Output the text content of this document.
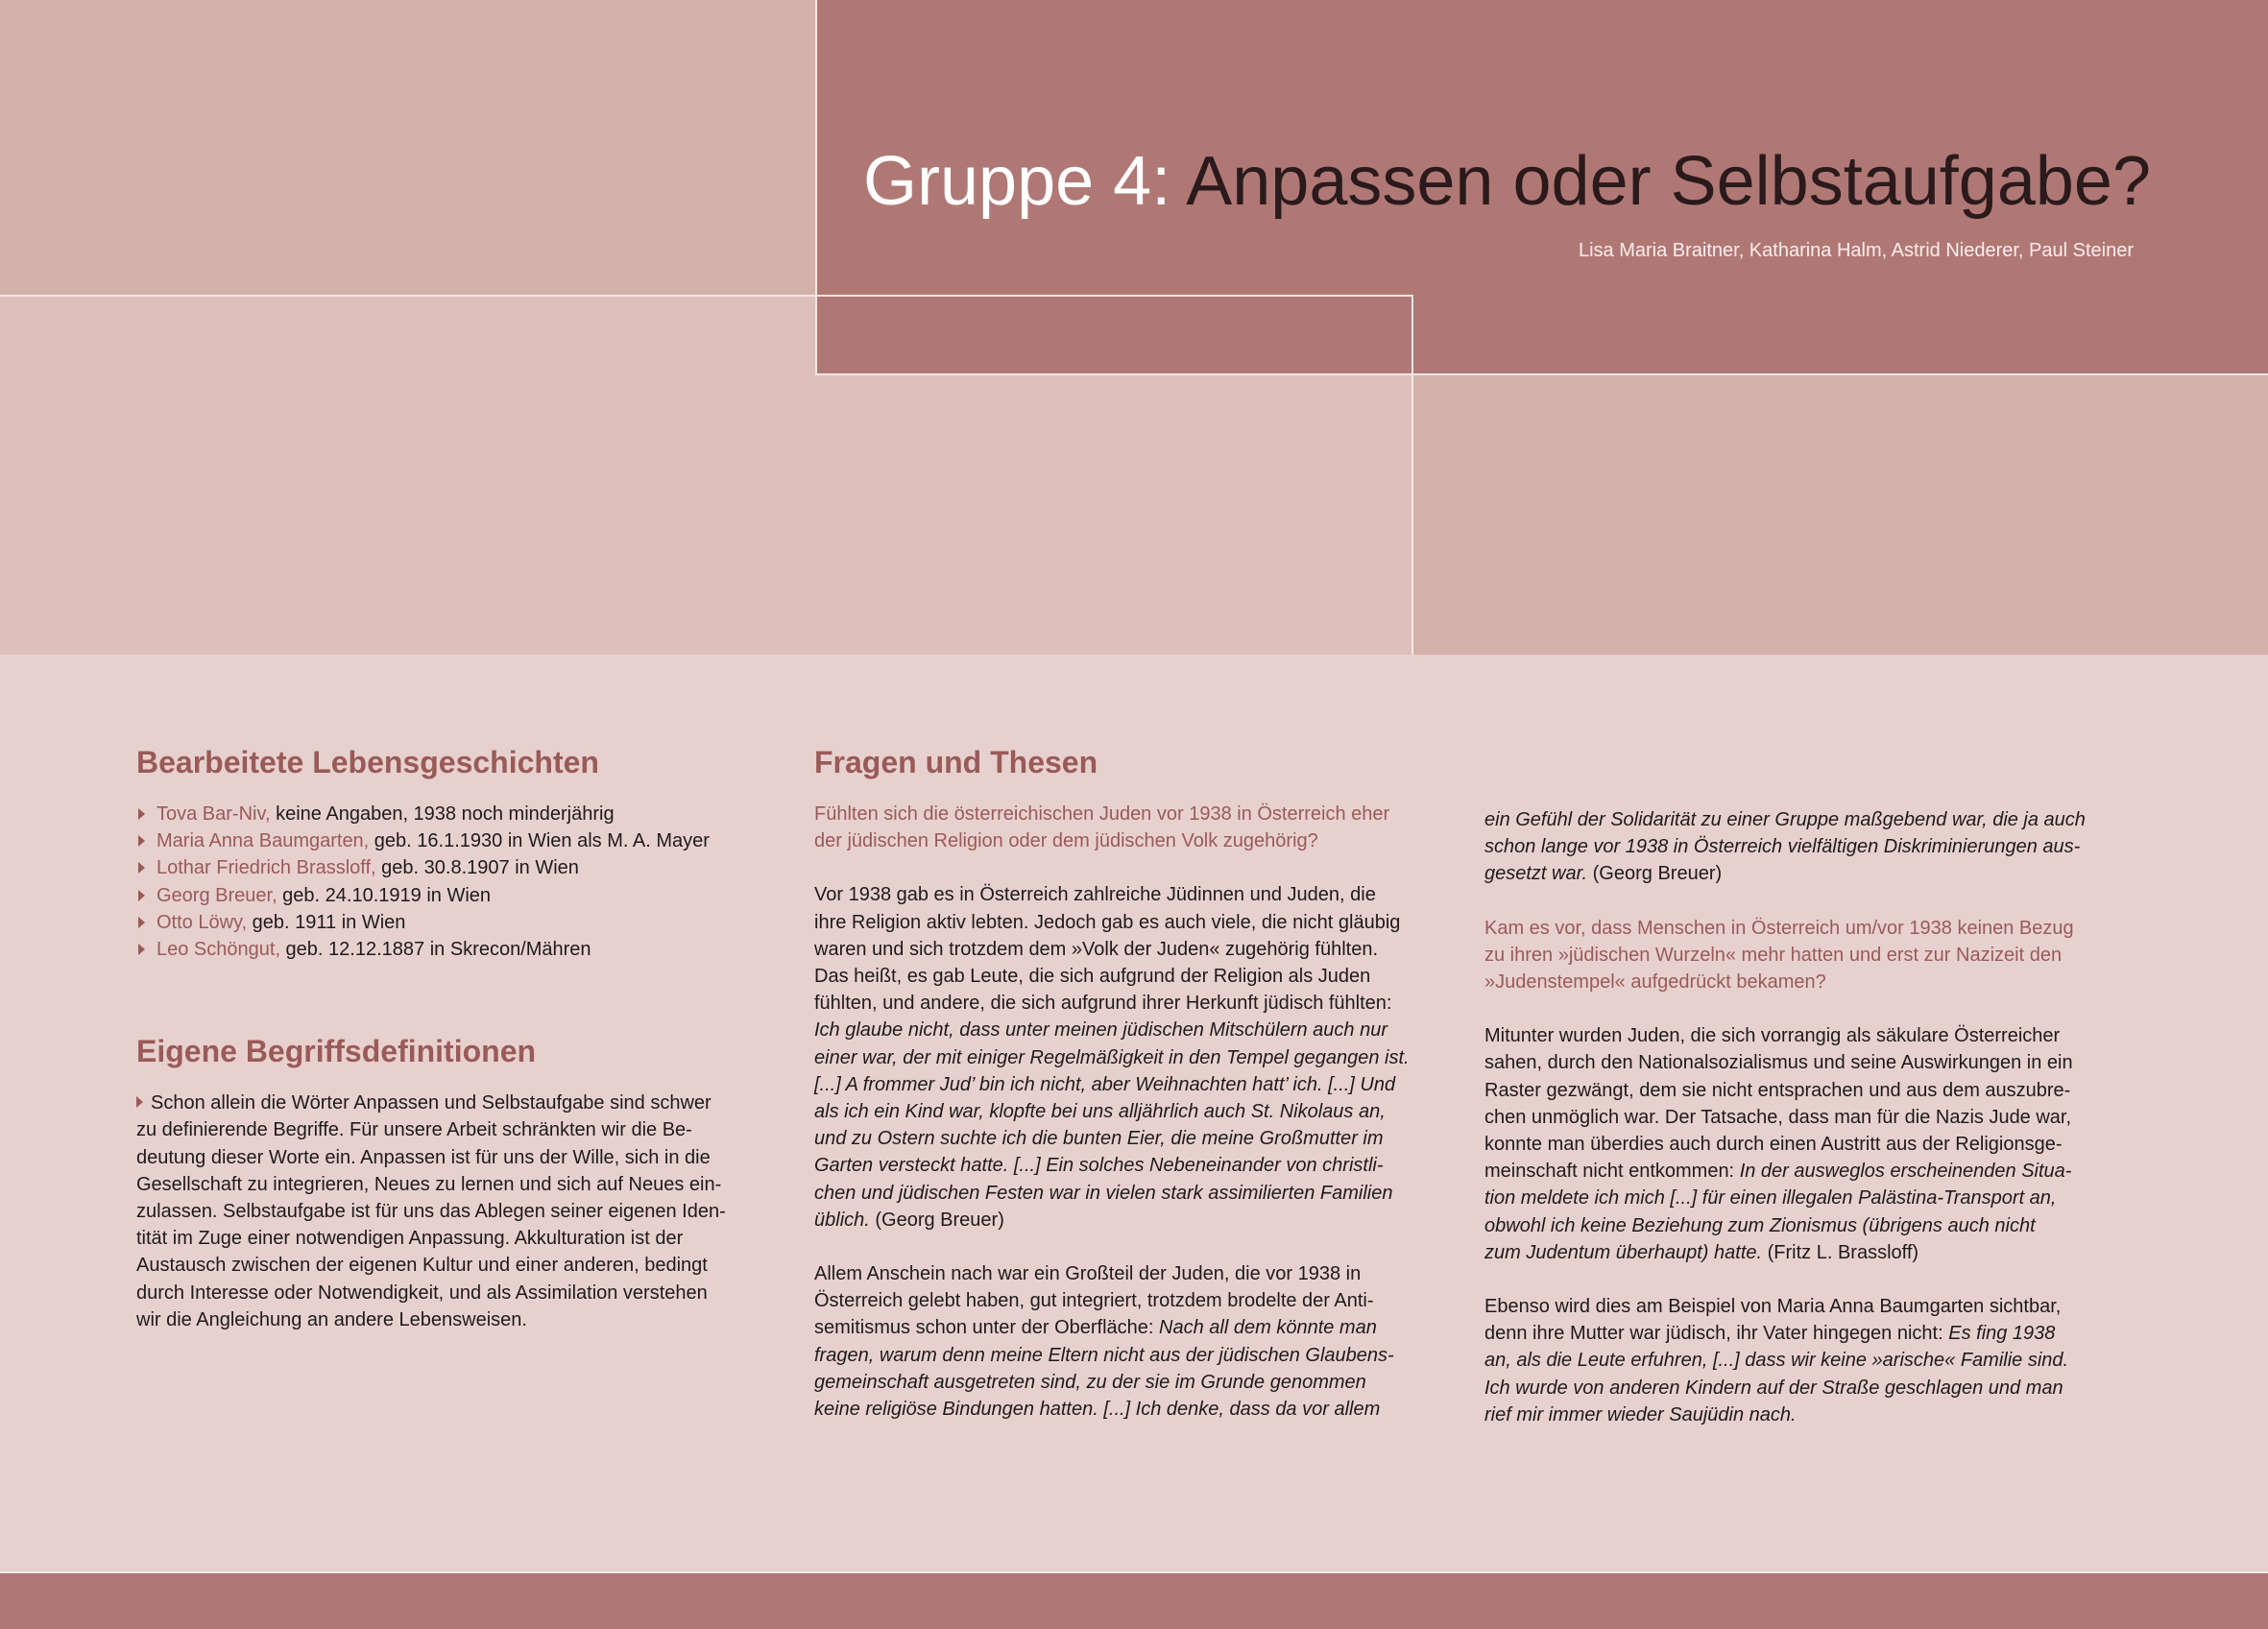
Gruppe 4: Anpassen oder Selbstaufgabe?
Lisa Maria Braitner, Katharina Halm, Astrid Niederer, Paul Steiner
Bearbeitete Lebensgeschichten
Tova Bar-Niv, keine Angaben, 1938 noch minderjährig
Maria Anna Baumgarten, geb. 16.1.1930 in Wien als M. A. Mayer
Lothar Friedrich Brassloff, geb. 30.8.1907 in Wien
Georg Breuer, geb. 24.10.1919 in Wien
Otto Löwy, geb. 1911 in Wien
Leo Schöngut, geb. 12.12.1887 in Skrecon/Mähren
Eigene Begriffsdefinitionen

Schon allein die Wörter Anpassen und Selbstaufgabe sind schwer
zu definierende Begriffe. Für unsere Arbeit schränkten wir die Be-
deutung dieser Worte ein. Anpassen ist für uns der Wille, sich in die
Gesellschaft zu integrieren, Neues zu lernen und sich auf Neues ein-
zulassen. Selbstaufgabe ist für uns das Ablegen seiner eigenen Iden-
tität im Zuge einer notwendigen Anpassung. Akkulturation ist der
Austausch zwischen der eigenen Kultur und einer anderen, bedingt
durch Interesse oder Notwendigkeit, und als Assimilation verstehen
wir die Angleichung an andere Lebensweisen.

Fragen und Thesen

Fühlten sich die österreichischen Juden vor 1938 in Österreich eher
der jüdischen Religion oder dem jüdischen Volk zugehörig?

Vor 1938 gab es in Österreich zahlreiche Jüdinnen und Juden, die
ihre Religion aktiv lebten. Jedoch gab es auch viele, die nicht gläubig
waren und sich trotzdem dem »Volk der Juden« zugehörig fühlten.
Das heißt, es gab Leute, die sich aufgrund der Religion als Juden
fühlten, und andere, die sich aufgrund ihrer Herkunft jüdisch fühlten:
Ich glaube nicht, dass unter meinen jüdischen Mitschülern auch nur
einer war, der mit einiger Regelmäßigkeit in den Tempel gegangen ist.
[...] A frommer Jud’ bin ich nicht, aber Weihnachten hatt’ ich. [...] Und
als ich ein Kind war, klopfte bei uns alljährlich auch St. Nikolaus an,
und zu Ostern suchte ich die bunten Eier, die meine Großmutter im
Garten versteckt hatte. [...] Ein solches Nebeneinander von christli-
chen und jüdischen Festen war in vielen stark assimilierten Familien
üblich. (Georg Breuer)

Allem Anschein nach war ein Großteil der Juden, die vor 1938 in
Österreich gelebt haben, gut integriert, trotzdem brodelte der Anti-
semitismus schon unter der Oberfläche: Nach all dem könnte man
fragen, warum denn meine Eltern nicht aus der jüdischen Glaubens-
gemeinschaft ausgetreten sind, zu der sie im Grunde genommen
keine religiöse Bindungen hatten. [...] Ich denke, dass da vor allem

ein Gefühl der Solidarität zu einer Gruppe maßgebend war, die ja auch
schon lange vor 1938 in Österreich vielfältigen Diskriminierungen aus-
gesetzt war. (Georg Breuer)

Kam es vor, dass Menschen in Österreich um/vor 1938 keinen Bezug
zu ihren »jüdischen Wurzeln« mehr hatten und erst zur Nazizeit den
»Judenstempel« aufgedrückt bekamen?

Mitunter wurden Juden, die sich vorrangig als säkulare Österreicher
sahen, durch den Nationalsozialismus und seine Auswirkungen in ein
Raster gezwängt, dem sie nicht entsprachen und aus dem auszubre-
chen unmöglich war. Der Tatsache, dass man für die Nazis Jude war,
konnte man überdies auch durch einen Austritt aus der Religionsge-
meinschaft nicht entkommen: In der ausweglos erscheinenden Situa-
tion meldete ich mich [...] für einen illegalen Palästina-Transport an,
obwohl ich keine Beziehung zum Zionismus (übrigens auch nicht
zum Judentum überhaupt) hatte. (Fritz L. Brassloff)

Ebenso wird dies am Beispiel von Maria Anna Baumgarten sichtbar,
denn ihre Mutter war jüdisch, ihr Vater hingegen nicht: Es fing 1938
an, als die Leute erfuhren, [...] dass wir keine »arische« Familie sind.
Ich wurde von anderen Kindern auf der Straße geschlagen und man
rief mir immer wieder Saujüdin nach.
